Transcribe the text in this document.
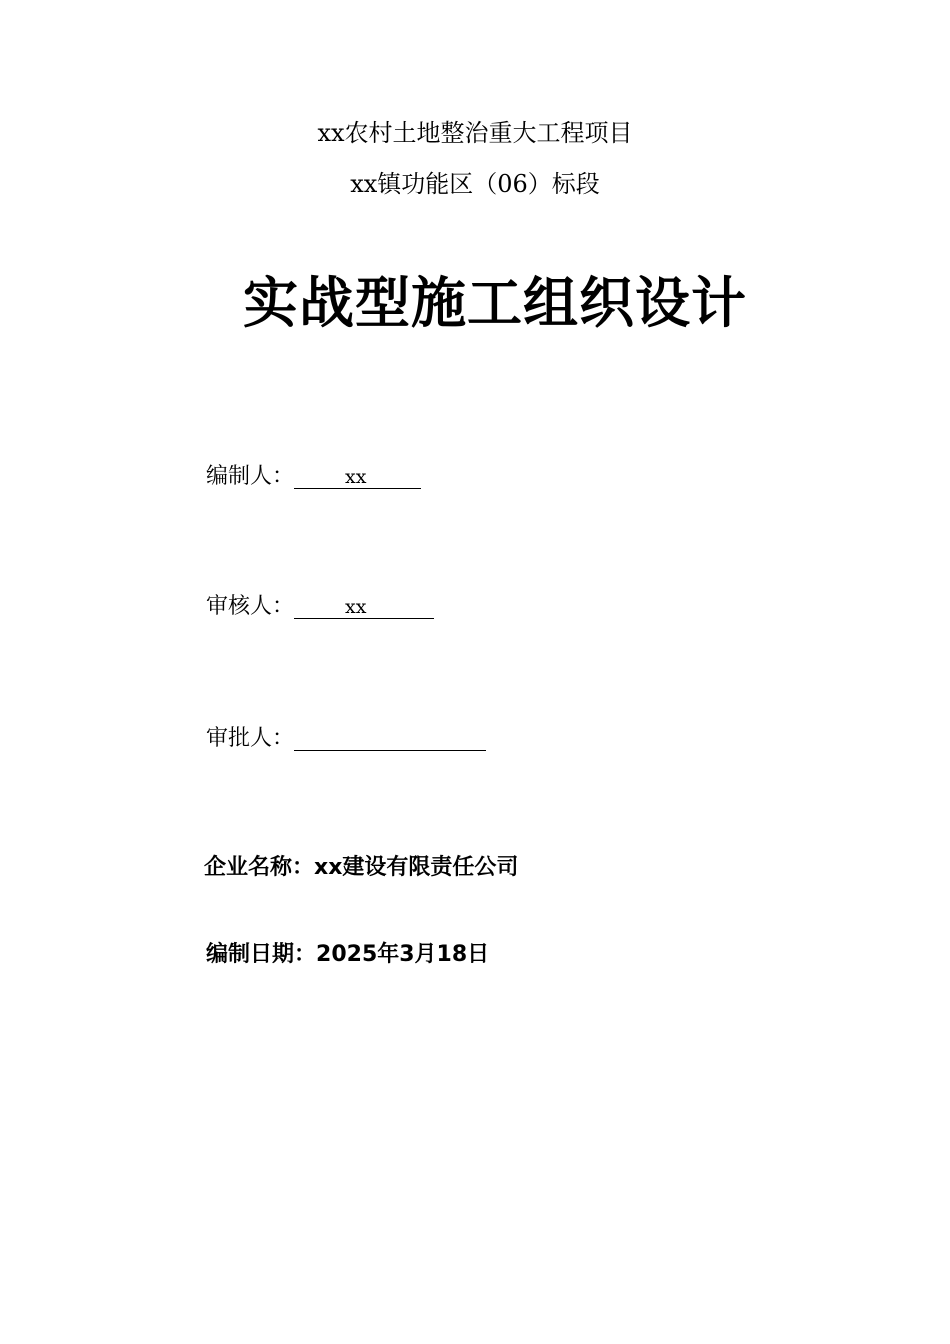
xx农村土地整治重大工程项目
xx镇功能区（06）标段
实战型施工组织设计
编制人：	xx
审核人：	xx
审批人：
企业名称：xx建设有限责任公司
编制日期：2025年3月18日
